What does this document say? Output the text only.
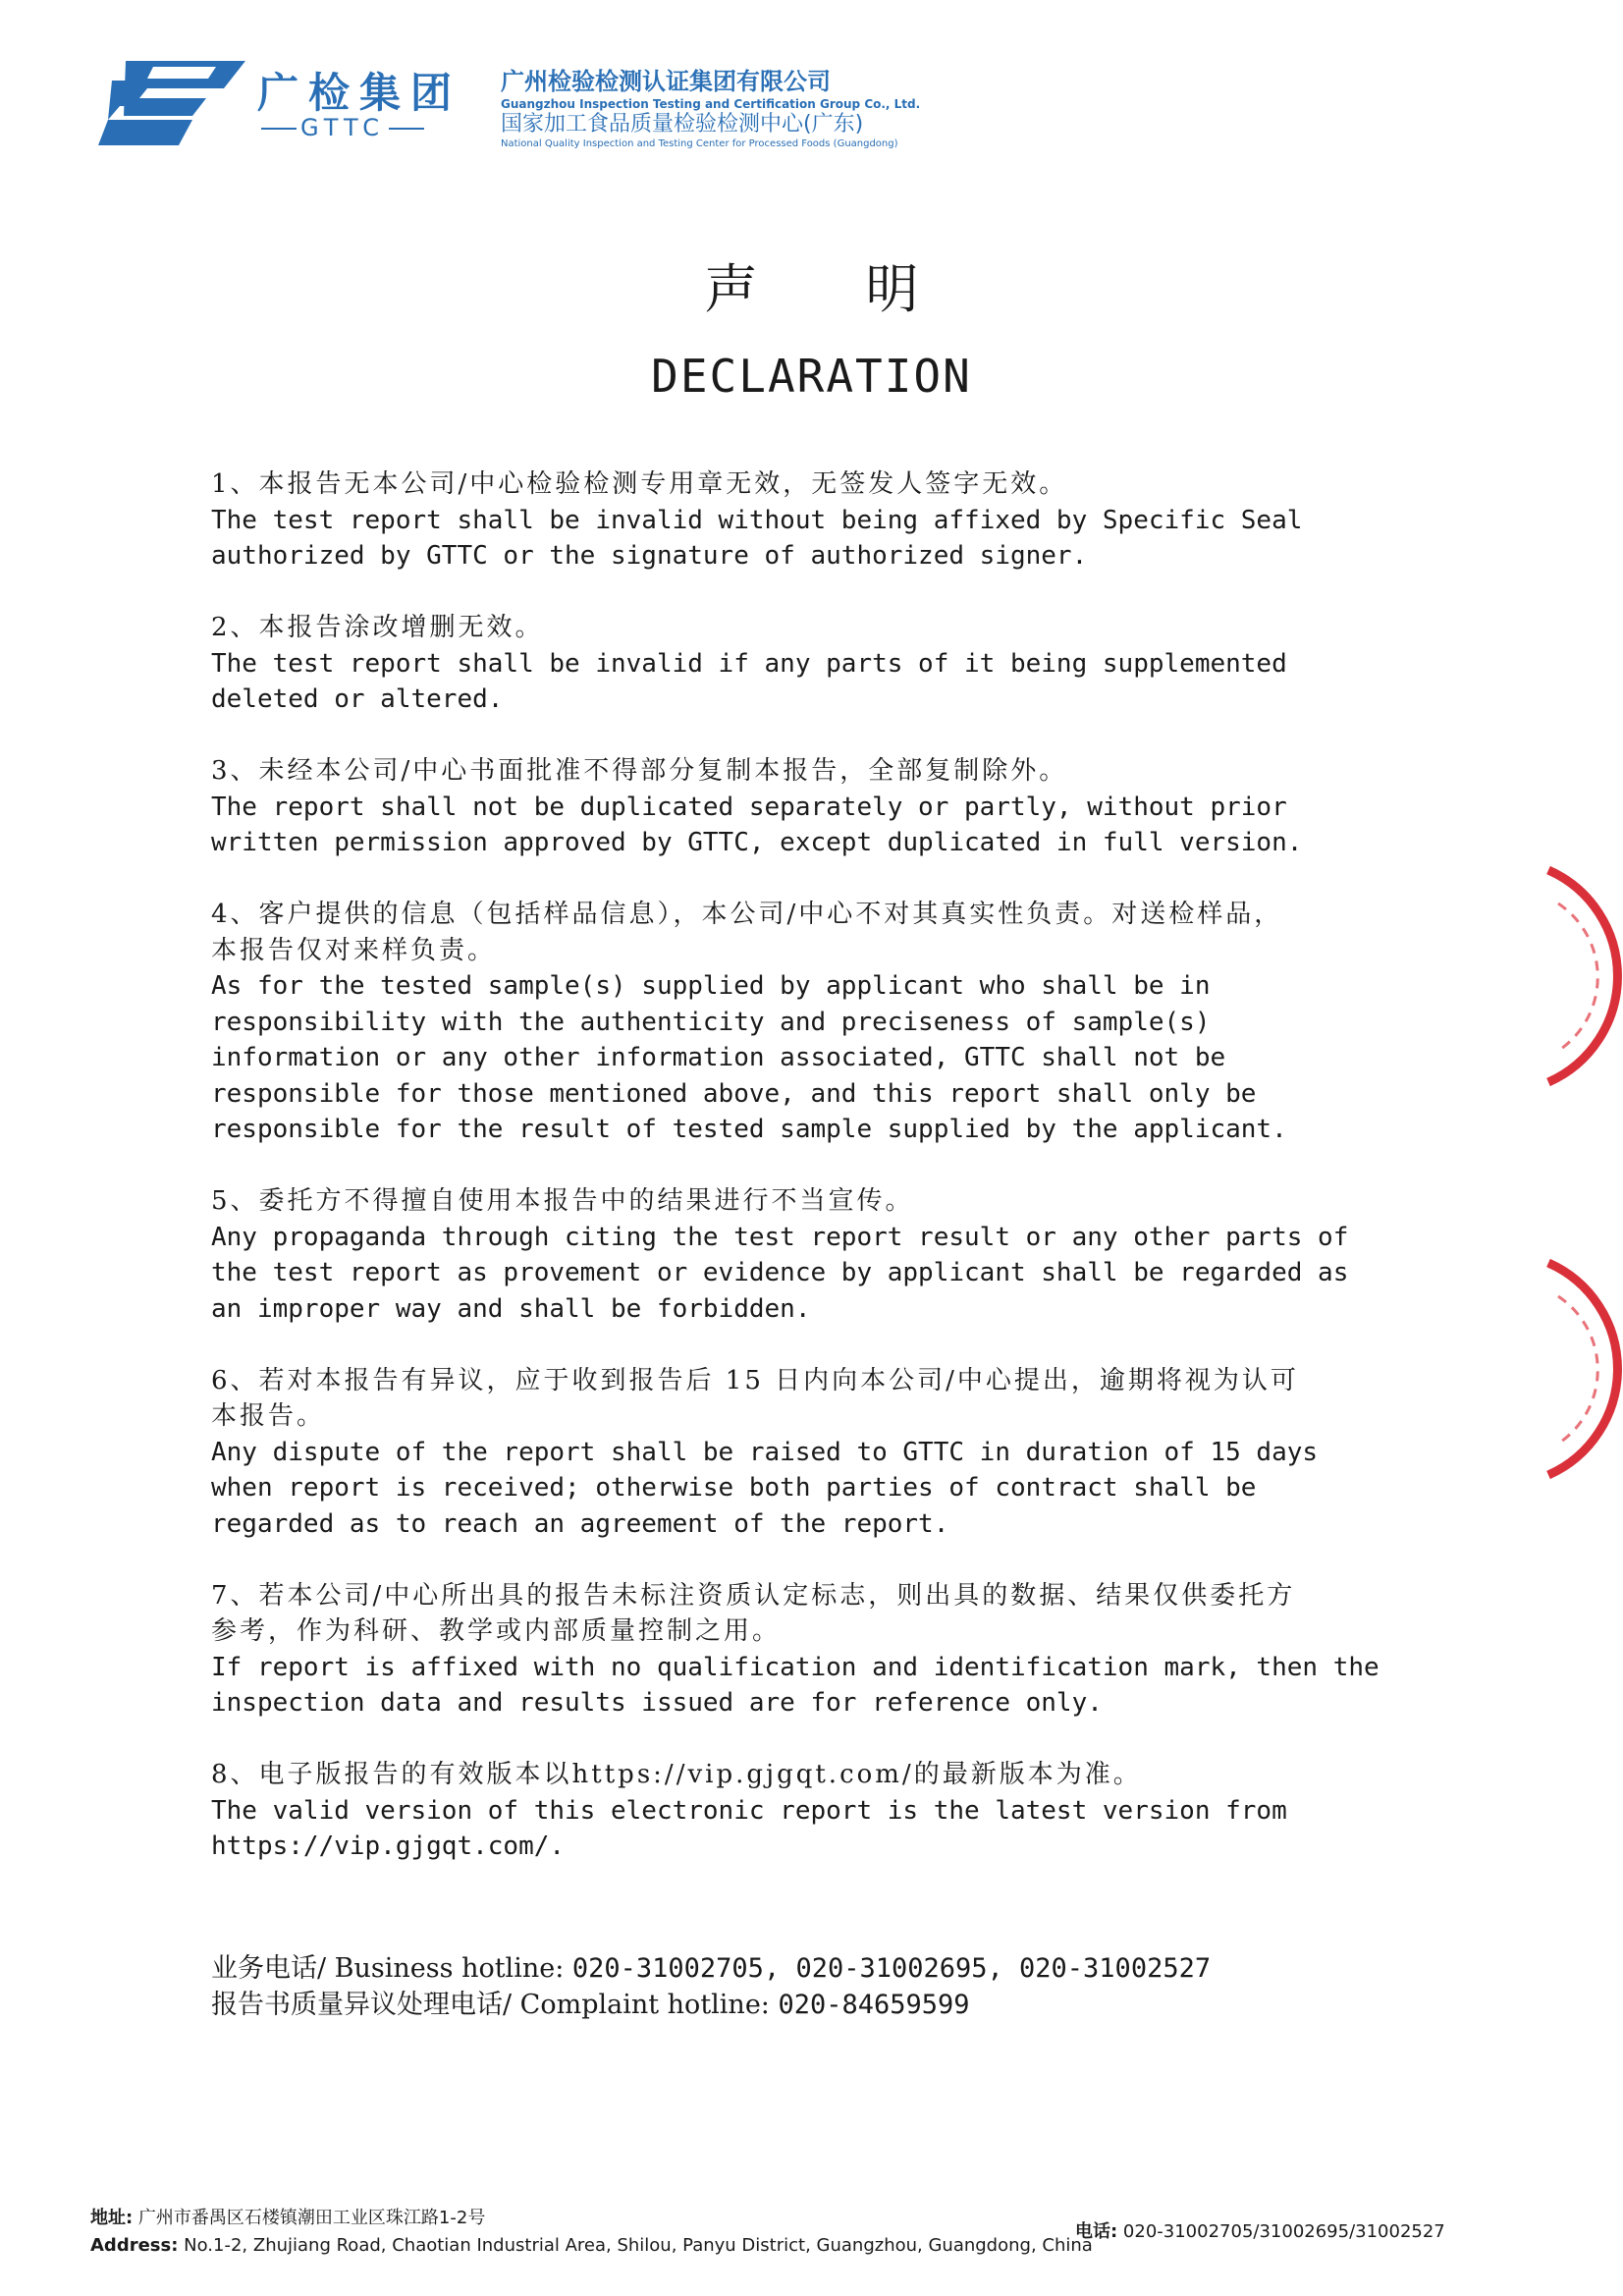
广检集团
GTTC
广州检验检测认证集团有限公司
Guangzhou Inspection Testing and Certification Group Co., Ltd.
国家加工食品质量检验检测中心(广东)
National Quality Inspection and Testing Center for Processed Foods (Guangdong)
声明
DECLARATION
1、本报告无本公司/中心检验检测专用章无效，无签发人签字无效。
The test report shall be invalid without being affixed by Specific Seal
authorized by GTTC or the signature of authorized signer.
2、本报告涂改增删无效。
The test report shall be invalid if any parts of it being supplemented
deleted or altered.
3、未经本公司/中心书面批准不得部分复制本报告，全部复制除外。
The report shall not be duplicated separately or partly, without prior
written permission approved by GTTC, except duplicated in full version.
4、客户提供的信息（包括样品信息），本公司/中心不对其真实性负责。对送检样品，
本报告仅对来样负责。
As for the tested sample(s) supplied by applicant who shall be in
responsibility with the authenticity and preciseness of sample(s)
information or any other information associated, GTTC shall not be
responsible for those mentioned above, and this report shall only be
responsible for the result of tested sample supplied by the applicant.
5、委托方不得擅自使用本报告中的结果进行不当宣传。
Any propaganda through citing the test report result or any other parts of
the test report as provement or evidence by applicant shall be regarded as
an improper way and shall be forbidden.
6、若对本报告有异议，应于收到报告后 15 日内向本公司/中心提出，逾期将视为认可
本报告。
Any dispute of the report shall be raised to GTTC in duration of 15 days
when report is received; otherwise both parties of contract shall be
regarded as to reach an agreement of the report.
7、若本公司/中心所出具的报告未标注资质认定标志，则出具的数据、结果仅供委托方
参考，作为科研、教学或内部质量控制之用。
If report is affixed with no qualification and identification mark, then the
inspection data and results issued are for reference only.
8、电子版报告的有效版本以https://vip.gjgqt.com/的最新版本为准。
The valid version of this electronic report is the latest version from
https://vip.gjgqt.com/.
业务电话/ Business hotline: 020-31002705, 020-31002695, 020-31002527
报告书质量异议处理电话/ Complaint hotline: 020-84659599
地址: 广州市番禺区石楼镇潮田工业区珠江路1-2号
Address: No.1-2, Zhujiang Road, Chaotian Industrial Area, Shilou, Panyu District, Guangzhou, Guangdong, China
电话: 020-31002705/31002695/31002527
